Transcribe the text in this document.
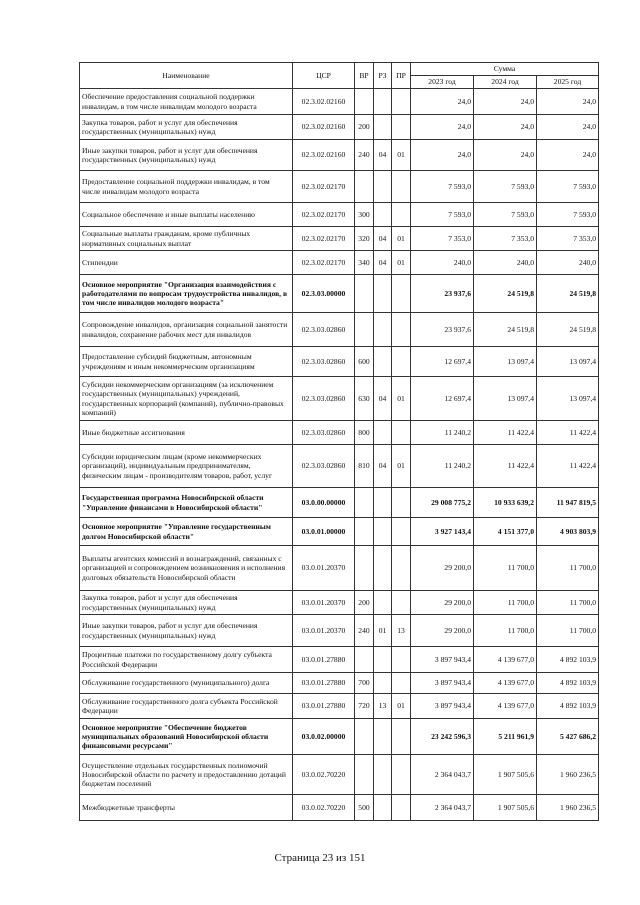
Наименование	ЦСР	ВР	РЗ	ПР	Сумма		
					2023 год	2024 год	2025 год
Обеспечение предоставления социальной поддержки инвалидам, в том числе инвалидам молодого возраста	02.3.02.02160				24,0	24,0	24,0
Закупка товаров, работ и услуг для обеспечения государственных (муниципальных) нужд	02.3.02.02160	200			24,0	24,0	24,0
Иные закупки товаров, работ и услуг для обеспечения государственных (муниципальных) нужд	02.3.02.02160	240	04	01	24,0	24,0	24,0
Предоставление социальной поддержки инвалидам, в том числе инвалидам молодого возраста	02.3.02.02170				7 593,0	7 593,0	7 593,0
Социальное обеспечение и иные выплаты населению	02.3.02.02170	300			7 593,0	7 593,0	7 593,0
Социальные выплаты гражданам, кроме публичных нормативных социальных выплат	02.3.02.02170	320	04	01	7 353,0	7 353,0	7 353,0
Стипендии	02.3.02.02170	340	04	01	240,0	240,0	240,0
Основное мероприятие "Организация взаимодействия с работодателями по вопросам трудоустройства инвалидов, в том числе инвалидов молодого возраста"	02.3.03.00000				23 937,6	24 519,8	24 519,8
Сопровождение инвалидов, организация социальной занятости инвалидов, сохранение рабочих мест для инвалидов	02.3.03.02860				23 937,6	24 519,8	24 519,8
Предоставление субсидий бюджетным, автономным учреждениям и иным некоммерческим организациям	02.3.03.02860	600			12 697,4	13 097,4	13 097,4
Субсидии некоммерческим организациям (за исключением государственных (муниципальных) учреждений, государственных корпораций (компаний), публично-правовых компаний)	02.3.03.02860	630	04	01	12 697,4	13 097,4	13 097,4
Иные бюджетные ассигнования	02.3.03.02860	800			11 240,2	11 422,4	11 422,4
Субсидии юридическим лицам (кроме некоммерческих организаций), индивидуальным предпринимателям, физическим лицам - производителям товаров, работ, услуг	02.3.03.02860	810	04	01	11 240,2	11 422,4	11 422,4
Государственная программа Новосибирской области "Управление финансами в Новосибирской области"	03.0.00.00000				29 008 775,2	10 933 639,2	11 947 819,5
Основное мероприятие "Управление государственным долгом Новосибирской области"	03.0.01.00000				3 927 143,4	4 151 377,0	4 903 803,9
Выплаты агентских комиссий и вознаграждений, связанных с организацией и сопровождением возникновения и исполнения долговых обязательств Новосибирской области	03.0.01.20370				29 200,0	11 700,0	11 700,0
Закупка товаров, работ и услуг для обеспечения государственных (муниципальных) нужд	03.0.01.20370	200			29 200,0	11 700,0	11 700,0
Иные закупки товаров, работ и услуг для обеспечения государственных (муниципальных) нужд	03.0.01.20370	240	01	13	29 200,0	11 700,0	11 700,0
Процентные платежи по государственному долгу субъекта Российской Федерации	03.0.01.27880				3 897 943,4	4 139 677,0	4 892 103,9
Обслуживание государственного (муниципального) долга	03.0.01.27880	700			3 897 943,4	4 139 677,0	4 892 103,9
Обслуживание государственного долга субъекта Российской Федерации	03.0.01.27880	720	13	01	3 897 943,4	4 139 677,0	4 892 103,9
Основное мероприятие "Обеспечение бюджетов муниципальных образований Новосибирской области финансовыми ресурсами"	03.0.02.00000				23 242 596,3	5 211 961,9	5 427 686,2
Осуществление отдельных государственных полномочий Новосибирской области по расчету и предоставлению дотаций бюджетам поселений	03.0.02.70220				2 364 043,7	1 907 505,6	1 960 236,5
Межбюджетные трансферты	03.0.02.70220	500			2 364 043,7	1 907 505,6	1 960 236,5
Страница 23 из 151
